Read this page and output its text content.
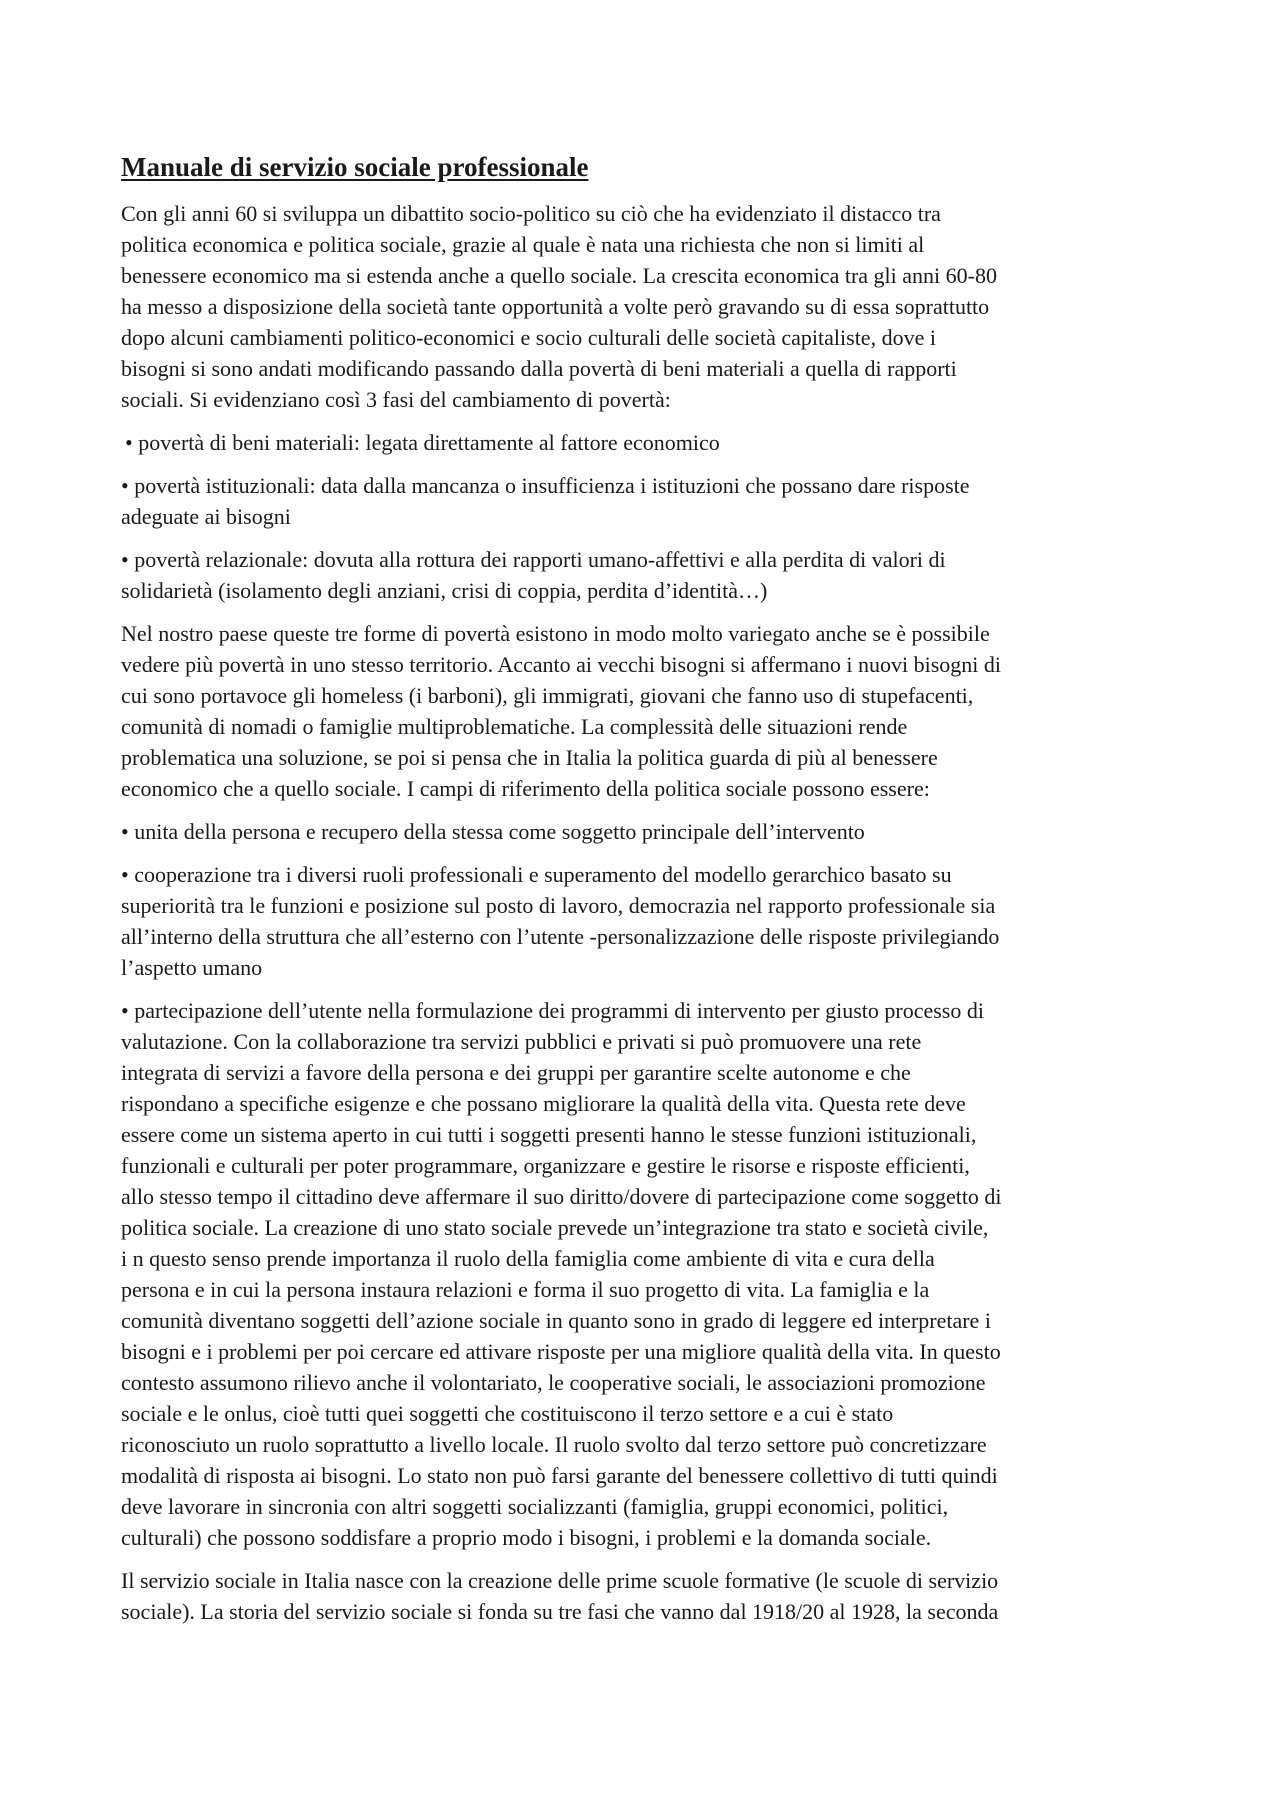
Manuale di servizio sociale professionale
Con gli anni 60 si sviluppa un dibattito socio-politico su ciò che ha evidenziato il distacco tra
politica economica e politica sociale, grazie al quale è nata una richiesta che non si limiti al
benessere economico ma si estenda anche a quello sociale. La crescita economica tra gli anni 60-80
ha messo a disposizione della società tante opportunità a volte però gravando su di essa soprattutto
dopo alcuni cambiamenti politico-economici e socio culturali delle società capitaliste, dove i
bisogni si sono andati modificando passando dalla povertà di beni materiali a quella di rapporti
sociali. Si evidenziano così 3 fasi del cambiamento di povertà:
• povertà di beni materiali: legata direttamente al fattore economico
• povertà istituzionali: data dalla mancanza o insufficienza i istituzioni che possano dare risposte
adeguate ai bisogni
• povertà relazionale: dovuta alla rottura dei rapporti umano-affettivi e alla perdita di valori di
solidarietà (isolamento degli anziani, crisi di coppia, perdita d’identità…)
Nel nostro paese queste tre forme di povertà esistono in modo molto variegato anche se è possibile
vedere più povertà in uno stesso territorio. Accanto ai vecchi bisogni si affermano i nuovi bisogni di
cui sono portavoce gli homeless (i barboni), gli immigrati, giovani che fanno uso di stupefacenti,
comunità di nomadi o famiglie multiproblematiche. La complessità delle situazioni rende
problematica una soluzione, se poi si pensa che in Italia la politica guarda di più al benessere
economico che a quello sociale. I campi di riferimento della politica sociale possono essere:
• unita della persona e recupero della stessa come soggetto principale dell’intervento
• cooperazione tra i diversi ruoli professionali e superamento del modello gerarchico basato su
superiorità tra le funzioni e posizione sul posto di lavoro, democrazia nel rapporto professionale sia
all’interno della struttura che all’esterno con l’utente -personalizzazione delle risposte privilegiando
l’aspetto umano
• partecipazione dell’utente nella formulazione dei programmi di intervento per giusto processo di
valutazione. Con la collaborazione tra servizi pubblici e privati si può promuovere una rete
integrata di servizi a favore della persona e dei gruppi per garantire scelte autonome e che
rispondano a specifiche esigenze e che possano migliorare la qualità della vita. Questa rete deve
essere come un sistema aperto in cui tutti i soggetti presenti hanno le stesse funzioni istituzionali,
funzionali e culturali per poter programmare, organizzare e gestire le risorse e risposte efficienti,
allo stesso tempo il cittadino deve affermare il suo diritto/dovere di partecipazione come soggetto di
politica sociale. La creazione di uno stato sociale prevede un’integrazione tra stato e società civile,
i n questo senso prende importanza il ruolo della famiglia come ambiente di vita e cura della
persona e in cui la persona instaura relazioni e forma il suo progetto di vita. La famiglia e la
comunità diventano soggetti dell’azione sociale in quanto sono in grado di leggere ed interpretare i
bisogni e i problemi per poi cercare ed attivare risposte per una migliore qualità della vita. In questo
contesto assumono rilievo anche il volontariato, le cooperative sociali, le associazioni promozione
sociale e le onlus, cioè tutti quei soggetti che costituiscono il terzo settore e a cui è stato
riconosciuto un ruolo soprattutto a livello locale. Il ruolo svolto dal terzo settore può concretizzare
modalità di risposta ai bisogni. Lo stato non può farsi garante del benessere collettivo di tutti quindi
deve lavorare in sincronia con altri soggetti socializzanti (famiglia, gruppi economici, politici,
culturali) che possono soddisfare a proprio modo i bisogni, i problemi e la domanda sociale.
Il servizio sociale in Italia nasce con la creazione delle prime scuole formative (le scuole di servizio
sociale). La storia del servizio sociale si fonda su tre fasi che vanno dal 1918/20 al 1928, la seconda
